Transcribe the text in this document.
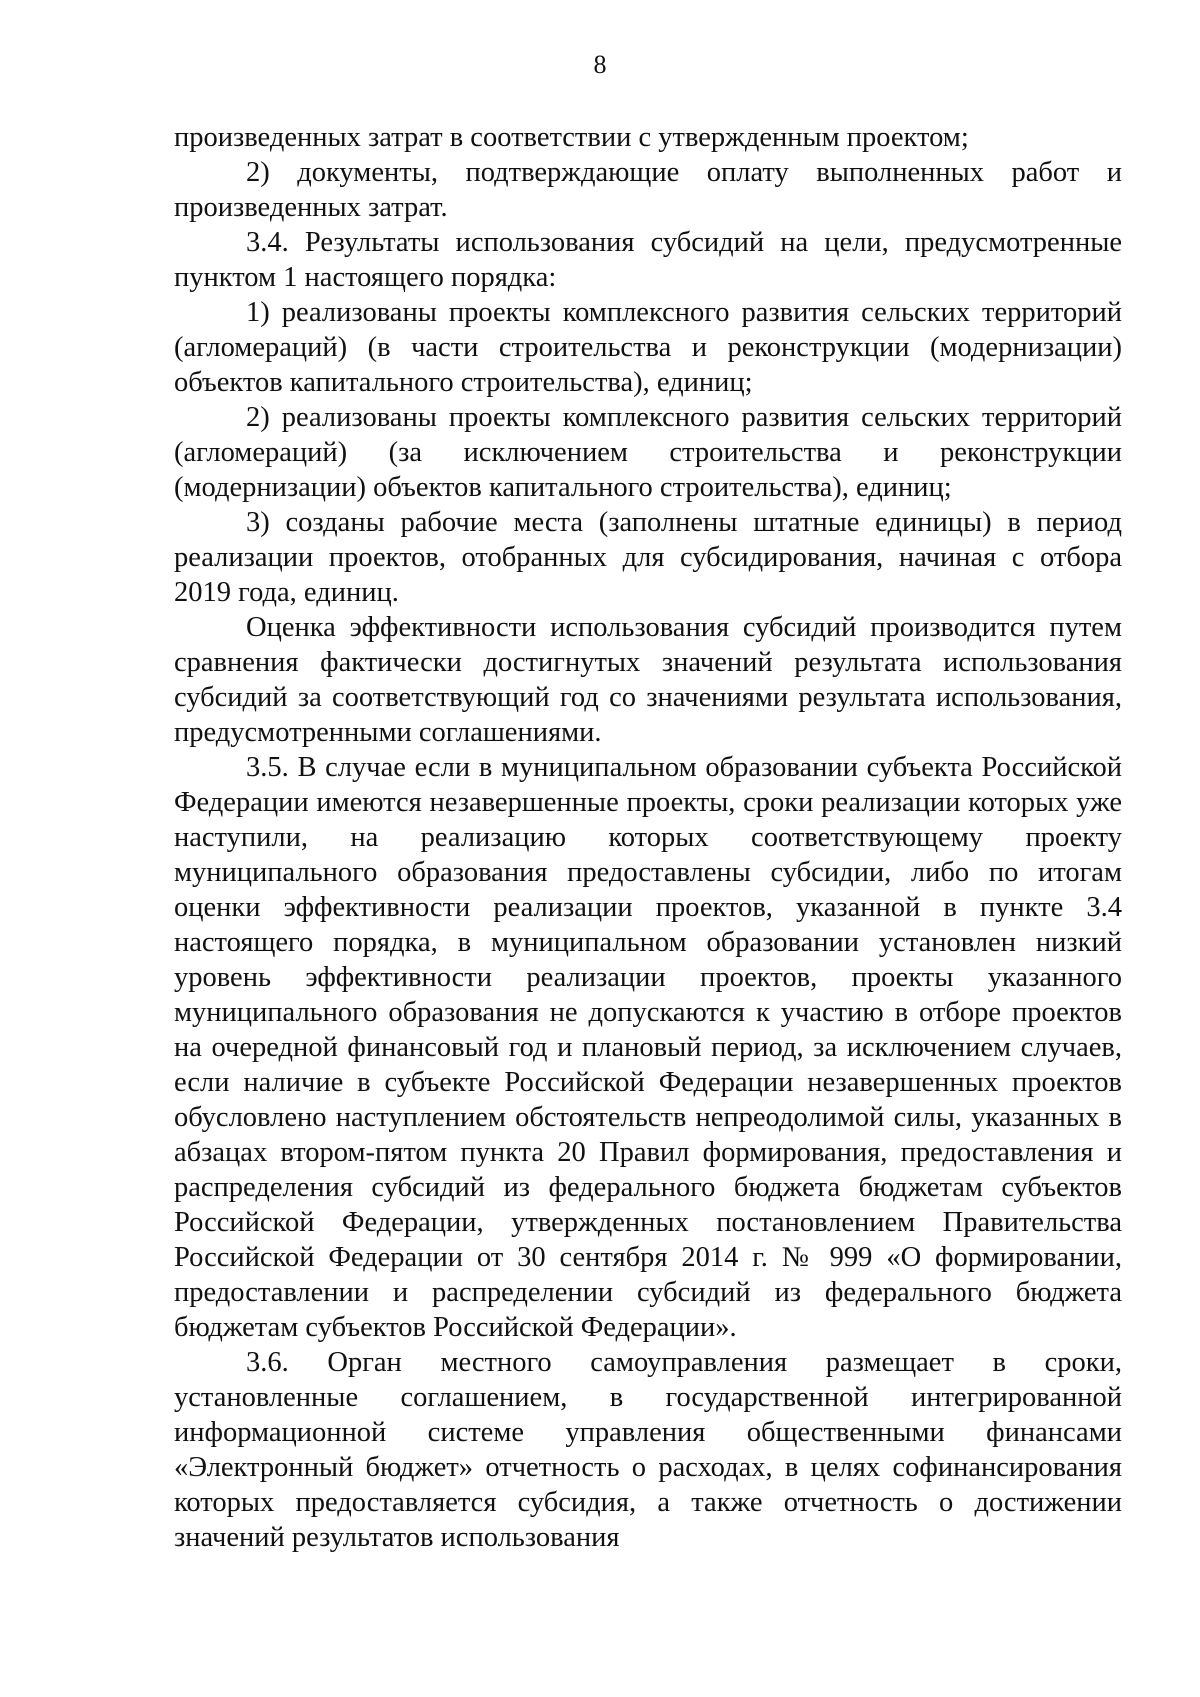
8

произведенных затрат в соответствии с утвержденным проектом;

2) документы, подтверждающие оплату выполненных работ и произведенных затрат.

3.4. Результаты использования субсидий на цели, предусмотренные пунктом 1 настоящего порядка:

1) реализованы проекты комплексного развития сельских территорий (агломераций) (в части строительства и реконструкции (модернизации) объектов капитального строительства), единиц;

2) реализованы проекты комплексного развития сельских территорий (агломераций) (за исключением строительства и реконструкции (модернизации) объектов капитального строительства), единиц;

3) созданы рабочие места (заполнены штатные единицы) в период реализации проектов, отобранных для субсидирования, начиная с отбора 2019 года, единиц.

Оценка эффективности использования субсидий производится путем сравнения фактически достигнутых значений результата использования субсидий за соответствующий год со значениями результата использования, предусмотренными соглашениями.

3.5. В случае если в муниципальном образовании субъекта Российской Федерации имеются незавершенные проекты, сроки реализации которых уже наступили, на реализацию которых соответствующему проекту муниципального образования предоставлены субсидии, либо по итогам оценки эффективности реализации проектов, указанной в пункте 3.4 настоящего порядка, в муниципальном образовании установлен низкий уровень эффективности реализации проектов, проекты указанного муниципального образования не допускаются к участию в отборе проектов на очередной финансовый год и плановый период, за исключением случаев, если наличие в субъекте Российской Федерации незавершенных проектов обусловлено наступлением обстоятельств непреодолимой силы, указанных в абзацах втором-пятом пункта 20 Правил формирования, предоставления и распределения субсидий из федерального бюджета бюджетам субъектов Российской Федерации, утвержденных постановлением Правительства Российской Федерации от 30 сентября 2014 г. № 999 «О формировании, предоставлении и распределении субсидий из федерального бюджета бюджетам субъектов Российской Федерации».

3.6. Орган местного самоуправления размещает в сроки, установленные соглашением, в государственной интегрированной информационной системе управления общественными финансами «Электронный бюджет» отчетность о расходах, в целях софинансирования которых предоставляется субсидия, а также отчетность о достижении значений результатов использования
